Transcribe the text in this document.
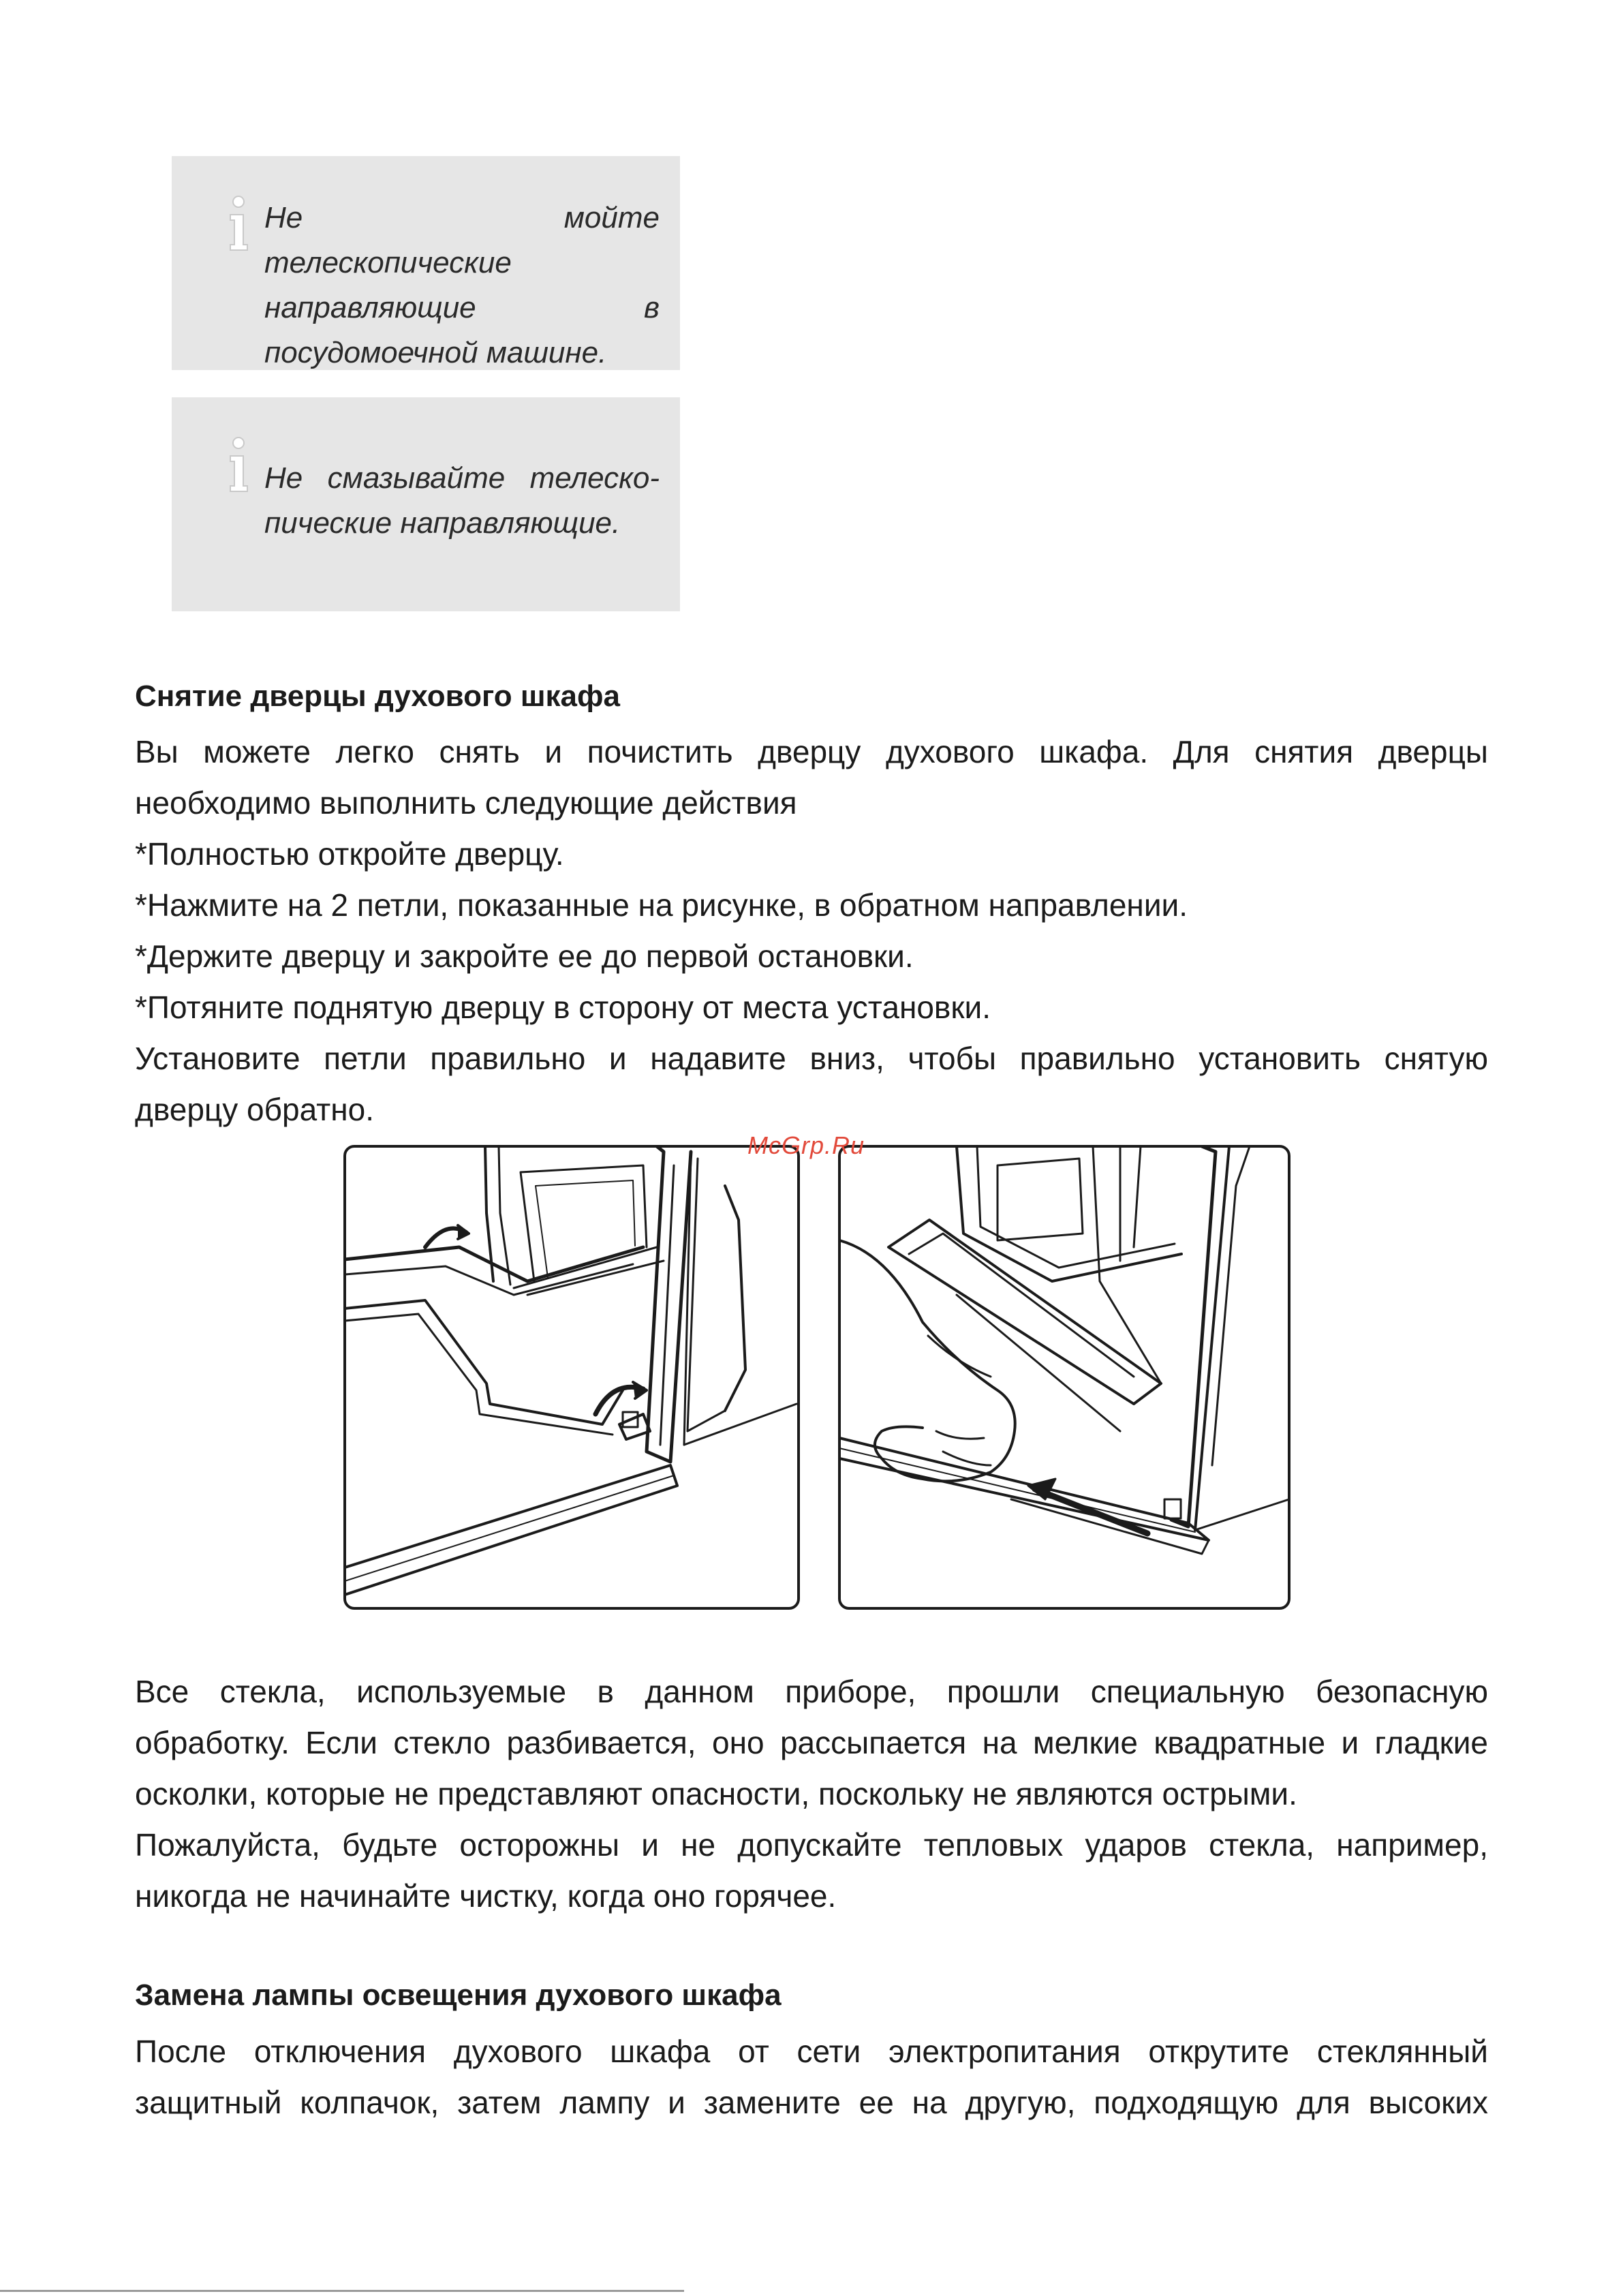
Не мойте телескопические
направляющие в
посудомоечной машине.
Не смазывайте телеско-
пические направляющие.
Снятие дверцы духового шкафа
Вы можете легко снять и почистить дверцу духового шкафа. Для снятия дверцы
необходимо выполнить следующие действия
*Полностью откройте дверцу.
*Нажмите на 2 петли, показанные на рисунке, в обратном направлении.
*Держите дверцу и закройте ее до первой остановки.
*Потяните поднятую дверцу в сторону от места установки.
Установите петли правильно и надавите вниз, чтобы правильно установить снятую
дверцу обратно.
McGrp.Ru
Все стекла, используемые в данном приборе, прошли специальную безопасную
обработку. Если стекло разбивается, оно рассыпается на мелкие квадратные и гладкие
осколки, которые не представляют опасности, поскольку не являются острыми.
Пожалуйста, будьте осторожны и не допускайте тепловых ударов стекла, например,
никогда не начинайте чистку, когда оно горячее.
Замена лампы освещения духового шкафа
После отключения духового шкафа от сети электропитания открутите стеклянный
защитный колпачок, затем лампу и замените ее на другую, подходящую для высоких
